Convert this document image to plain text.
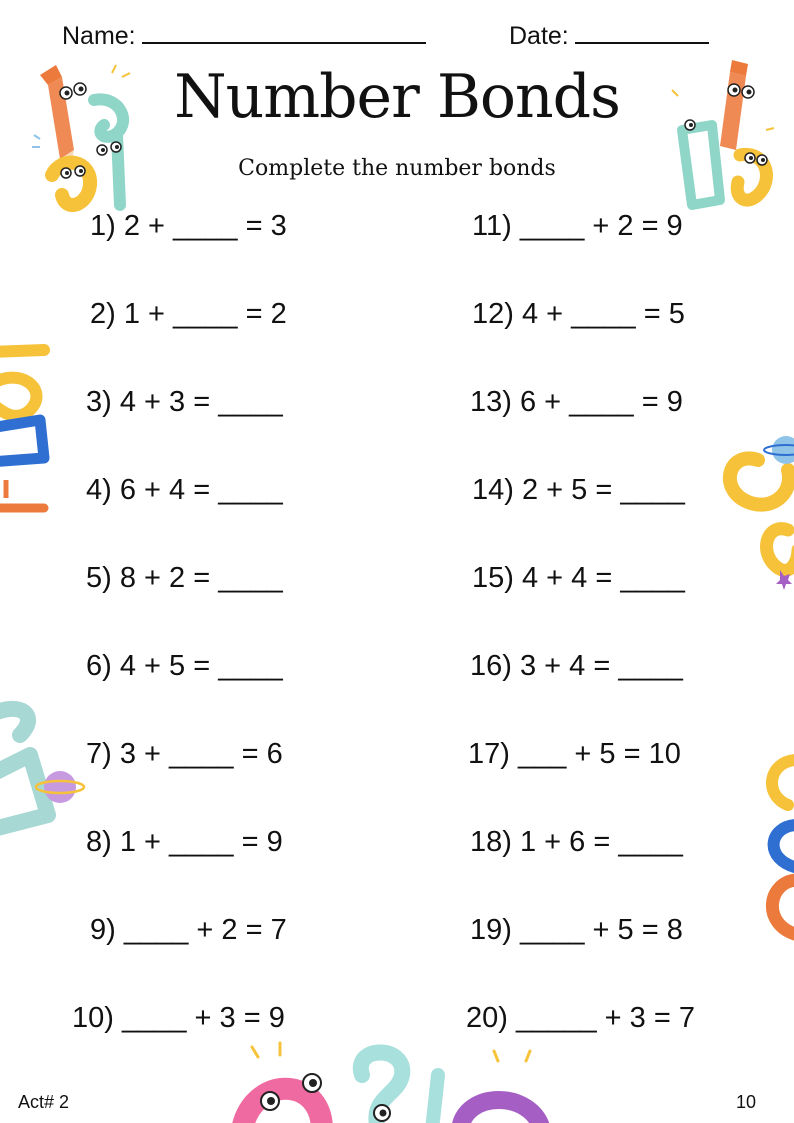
Name:	Date:
Number Bonds
Complete the number bonds
1) 2 + ____ = 3
2) 1 + ____ = 2
3) 4 + 3 = ____
4) 6 + 4 = ____
5) 8 + 2 = ____
6) 4 + 5 = ____
7) 3 + ____ = 6
8) 1 + ____ = 9
9) ____ + 2 = 7
10) ____ + 3 = 9
11) ____ + 2 = 9
12) 4 + ____ = 5
13) 6 + ____ = 9
14) 2 + 5 = ____
15) 4 + 4 = ____
16) 3 + 4 = ____
17) ___ + 5 = 10
18) 1 + 6 = ____
19) ____ + 5 = 8
20) _____ + 3 = 7
Act# 2	10
